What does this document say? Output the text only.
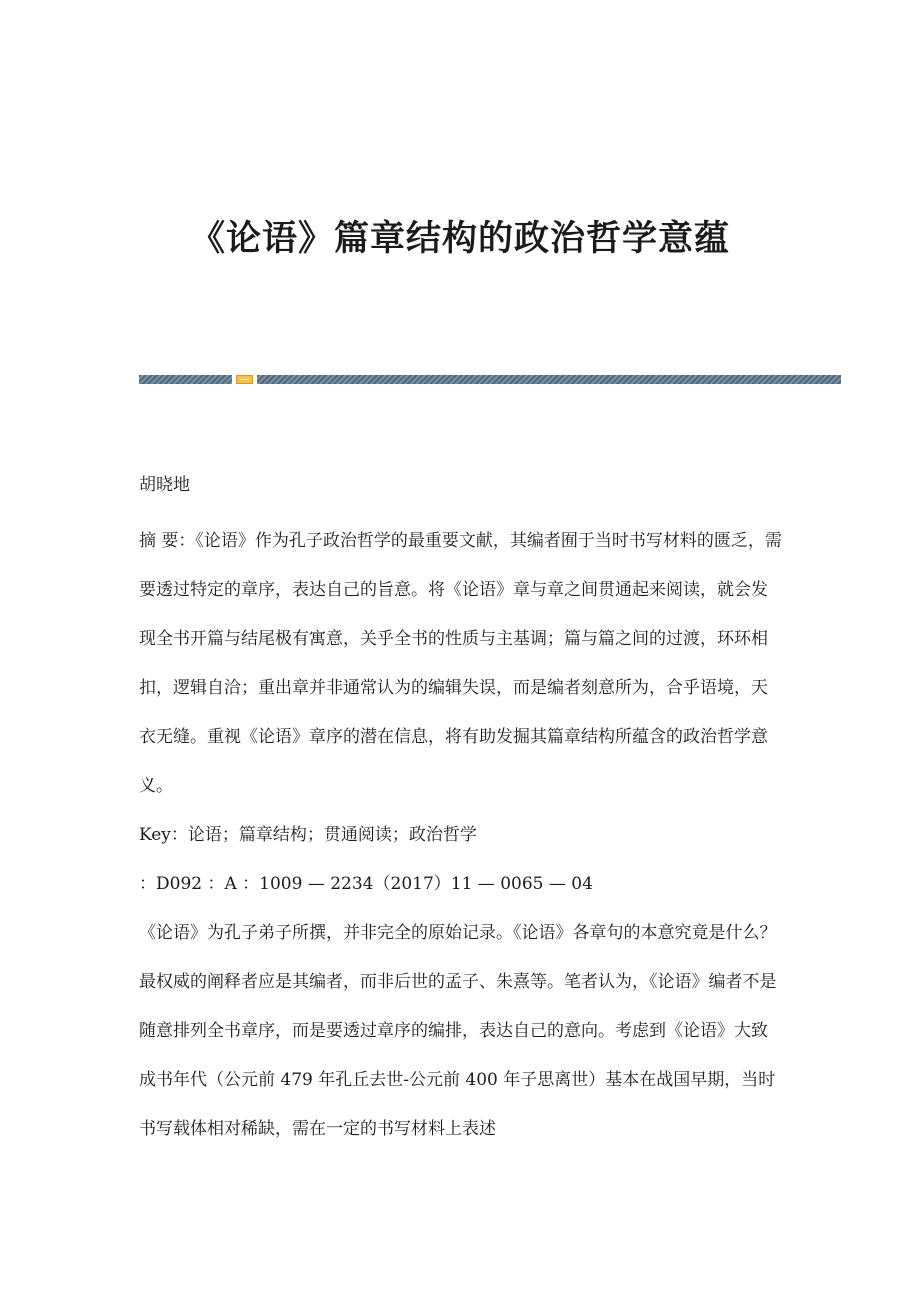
《论语》篇章结构的政治哲学意蕴

胡晓地

摘 要：《论语》作为孔子政治哲学的最重要文献，其编者囿于当时书写材料的匮乏，需要透过特定的章序，表达自己的旨意。将《论语》章与章之间贯通起来阅读，就会发现全书开篇与结尾极有寓意，关乎全书的性质与主基调；篇与篇之间的过渡，环环相扣，逻辑自洽；重出章并非通常认为的编辑失误，而是编者刻意所为，合乎语境，天衣无缝。重视《论语》章序的潜在信息，将有助发掘其篇章结构所蕴含的政治哲学意义。

Key：论语；篇章结构；贯通阅读；政治哲学

：D092 ：A ：1009 — 2234（2017）11 — 0065 — 04

《论语》为孔子弟子所撰，并非完全的原始记录。《论语》各章句的本意究竟是什么？最权威的阐释者应是其编者，而非后世的孟子、朱熹等。笔者认为，《论语》编者不是随意排列全书章序，而是要透过章序的编排，表达自己的意向。考虑到《论语》大致成书年代（公元前 479 年孔丘去世-公元前 400 年子思离世）基本在战国早期，当时书写载体相对稀缺，需在一定的书写材料上表述
